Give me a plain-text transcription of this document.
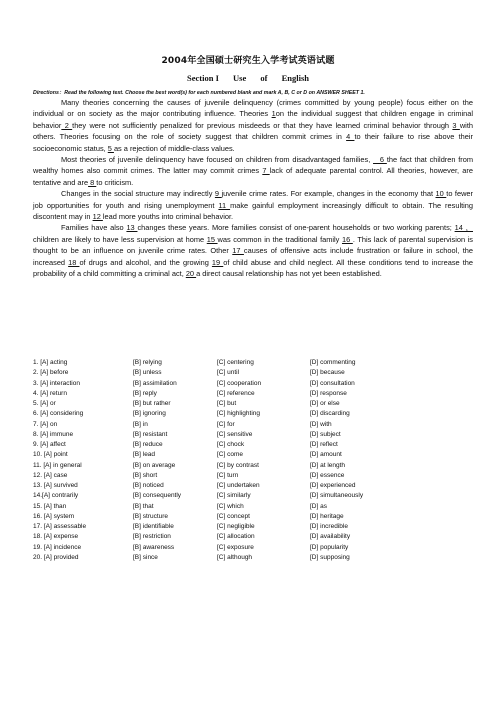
2004年全国硕士研究生入学考试英语试题
Section I Use of English
Directions：Read the following text. Choose the best word(s) for each numbered blank and mark A, B, C or D on ANSWER SHEET 1.

Many theories concerning the causes of juvenile delinquency (crimes committed by young people) focus either on the individual or on society as the major contributing influence. Theories 1on the individual suggest that children engage in criminal behavior 2 they were not sufficiently penalized for previous misdeeds or that they have learned criminal behavior through 3 with others. Theories focusing on the role of society suggest that children commit crimes in 4 to their failure to rise above their socioeconomic status, 5 as a rejection of middle-class values.

Most theories of juvenile delinquency have focused on children from disadvantaged families, _ 6 the fact that children from wealthy homes also commit crimes. The latter may commit crimes 7 lack of adequate parental control. All theories, however, are tentative and are 8 to criticism.

Changes in the social structure may indirectly 9 juvenile crime rates. For example, changes in the economy that 10 to fewer job opportunities for youth and rising unemployment 11 make gainful employment increasingly difficult to obtain. The resulting discontent may in 12 lead more youths into criminal behavior.

Families have also 13 changes these years. More families consist of one-parent households or two working parents; 14 ， children are likely to have less supervision at home 15 was common in the traditional family 16 . This lack of parental supervision is thought to be an influence on juvenile crime rates. Other 17 causes of offensive acts include frustration or failure in school, the increased 18 of drugs and alcohol, and the growing 19 of child abuse and child neglect. All these conditions tend to increase the probability of a child committing a criminal act, 20 a direct causal relationship has not yet been established.

1. [A] acting	[B] relying	[C] centering	[D] commenting
2. [A] before	[B] unless	[C] until	[D] because
3. [A] interaction	[B] assimilation	[C] cooperation	[D] consultation
4. [A] return	[B] reply	[C] reference	[D] response
5. [A] or	[B] but rather	[C] but	[D] or else
6. [A] considering	[B] ignoring	[C] highlighting	[D] discarding
7. [A] on	[B] in	[C] for	[D] with
8. [A] immune	[B] resistant	[C] sensitive	[D] subject
9. [A] affect	[B] reduce	[C] chock	[D] reflect
10. [A] point	[B] lead	[C] come	[D] amount
11. [A] in general	[B] on average	[C] by contrast	[D] at length
12. [A] case	[B] short	[C] turn	[D] essence
13. [A] survived	[B] noticed	[C] undertaken	[D] experienced
14.[A] contrarily	[B] consequently	[C] similarly	[D] simultaneously
15. [A] than	[B] that	[C] which	[D] as
16. [A] system	[B] structure	[C] concept	[D] heritage
17. [A] assessable	[B] identifiable	[C] negligible	[D] incredible
18. [A] expense	[B] restriction	[C] allocation	[D] availability
19. [A] incidence	[B] awareness	[C] exposure	[D] popularity
20. [A] provided	[B] since	[C] although	[D] supposing
